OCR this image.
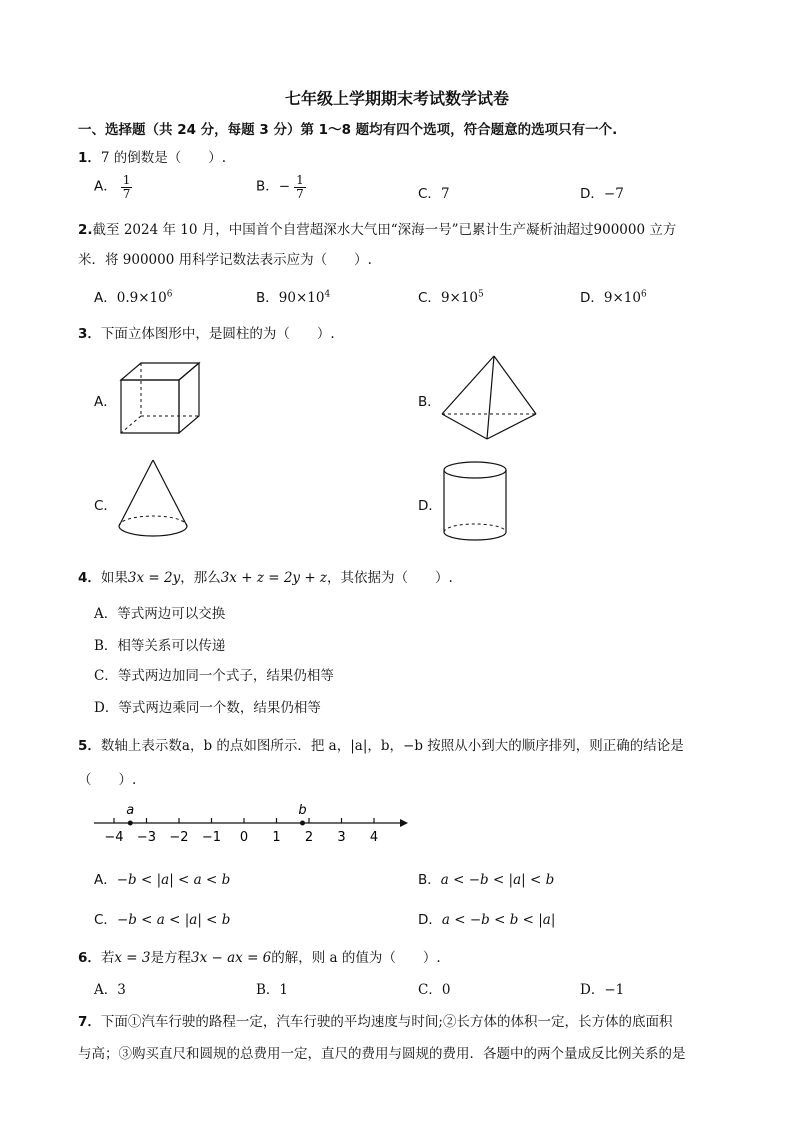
七年级上学期期末考试数学试卷
一、选择题（共 24 分，每题 3 分）第 1～8 题均有四个选项，符合题意的选项只有一个.
1．7 的倒数是（　　）.
A． $\frac{1}{7}$	B．− $\frac{1}{7}$	C．7	D．−7
2.截至 2024 年 10 月，中国首个自营超深水大气田“深海一号”已累计生产凝析油超过900000 立方
米．将 900000 用科学记数法表示应为（　　）.
A．$0.9\times 10^6$	B．$90\times 10^4$	C．$9\times 10^5$	D．$9\times 10^6$
3．下面立体图形中，是圆柱的为（　　）.
A．	B．
C．	D．
4．如果3x = 2y，那么3x + z = 2y + z，其依据为（　　）.
A．等式两边可以交换
B．相等关系可以传递
C．等式两边加同一个式子，结果仍相等
D．等式两边乘同一个数，结果仍相等
5．数轴上表示数a，b 的点如图所示．把 a，|a|，b，−b 按照从小到大的顺序排列，则正确的结论是
（　　）.
−4 −3 −2 −1 0 1 2 3 4
a	b
A．−b < |a| < a < b	B．a < −b < |a| < b
C．−b < a < |a| < b	D．a < −b < b < |a|
6．若x = 3是方程3x − ax = 6的解，则 a 的值为（　　）.
A．3	B．1	C．0	D．−1
7．下面①汽车行驶的路程一定，汽车行驶的平均速度与时间;②长方体的体积一定，长方体的底面积
与高；③购买直尺和圆规的总费用一定，直尺的费用与圆规的费用．各题中的两个量成反比例关系的是
